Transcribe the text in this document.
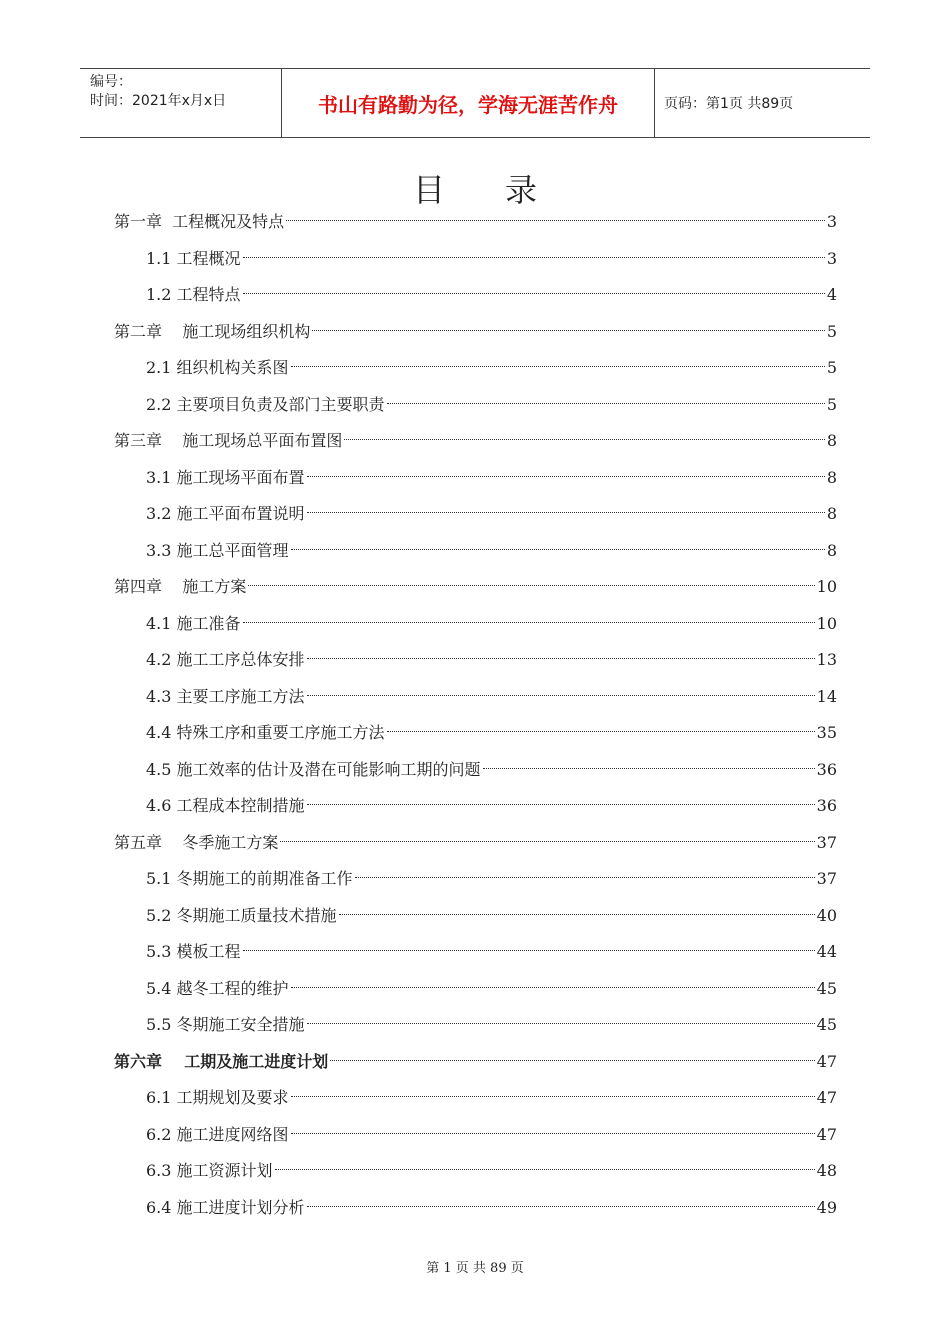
编号：
时间：2021年x月x日	书山有路勤为径，学海无涯苦作舟	页码：第1页 共89页
目录
第一章  工程概况及特点	3
1.1 工程概况	3
1.2 工程特点	4
第二章    施工现场组织机构	5
2.1 组织机构关系图	5
2.2 主要项目负责及部门主要职责	5
第三章    施工现场总平面布置图	8
3.1 施工现场平面布置	8
3.2 施工平面布置说明	8
3.3 施工总平面管理	8
第四章    施工方案	10
4.1 施工准备	10
4.2 施工工序总体安排	13
4.3 主要工序施工方法	14
4.4 特殊工序和重要工序施工方法	35
4.5 施工效率的估计及潜在可能影响工期的问题	36
4.6 工程成本控制措施	36
第五章    冬季施工方案	37
5.1 冬期施工的前期准备工作	37
5.2 冬期施工质量技术措施	40
5.3 模板工程	44
5.4 越冬工程的维护	45
5.5 冬期施工安全措施	45
第六章    工期及施工进度计划	47
6.1 工期规划及要求	47
6.2 施工进度网络图	47
6.3 施工资源计划	48
6.4 施工进度计划分析	49
第 1 页 共 89 页
